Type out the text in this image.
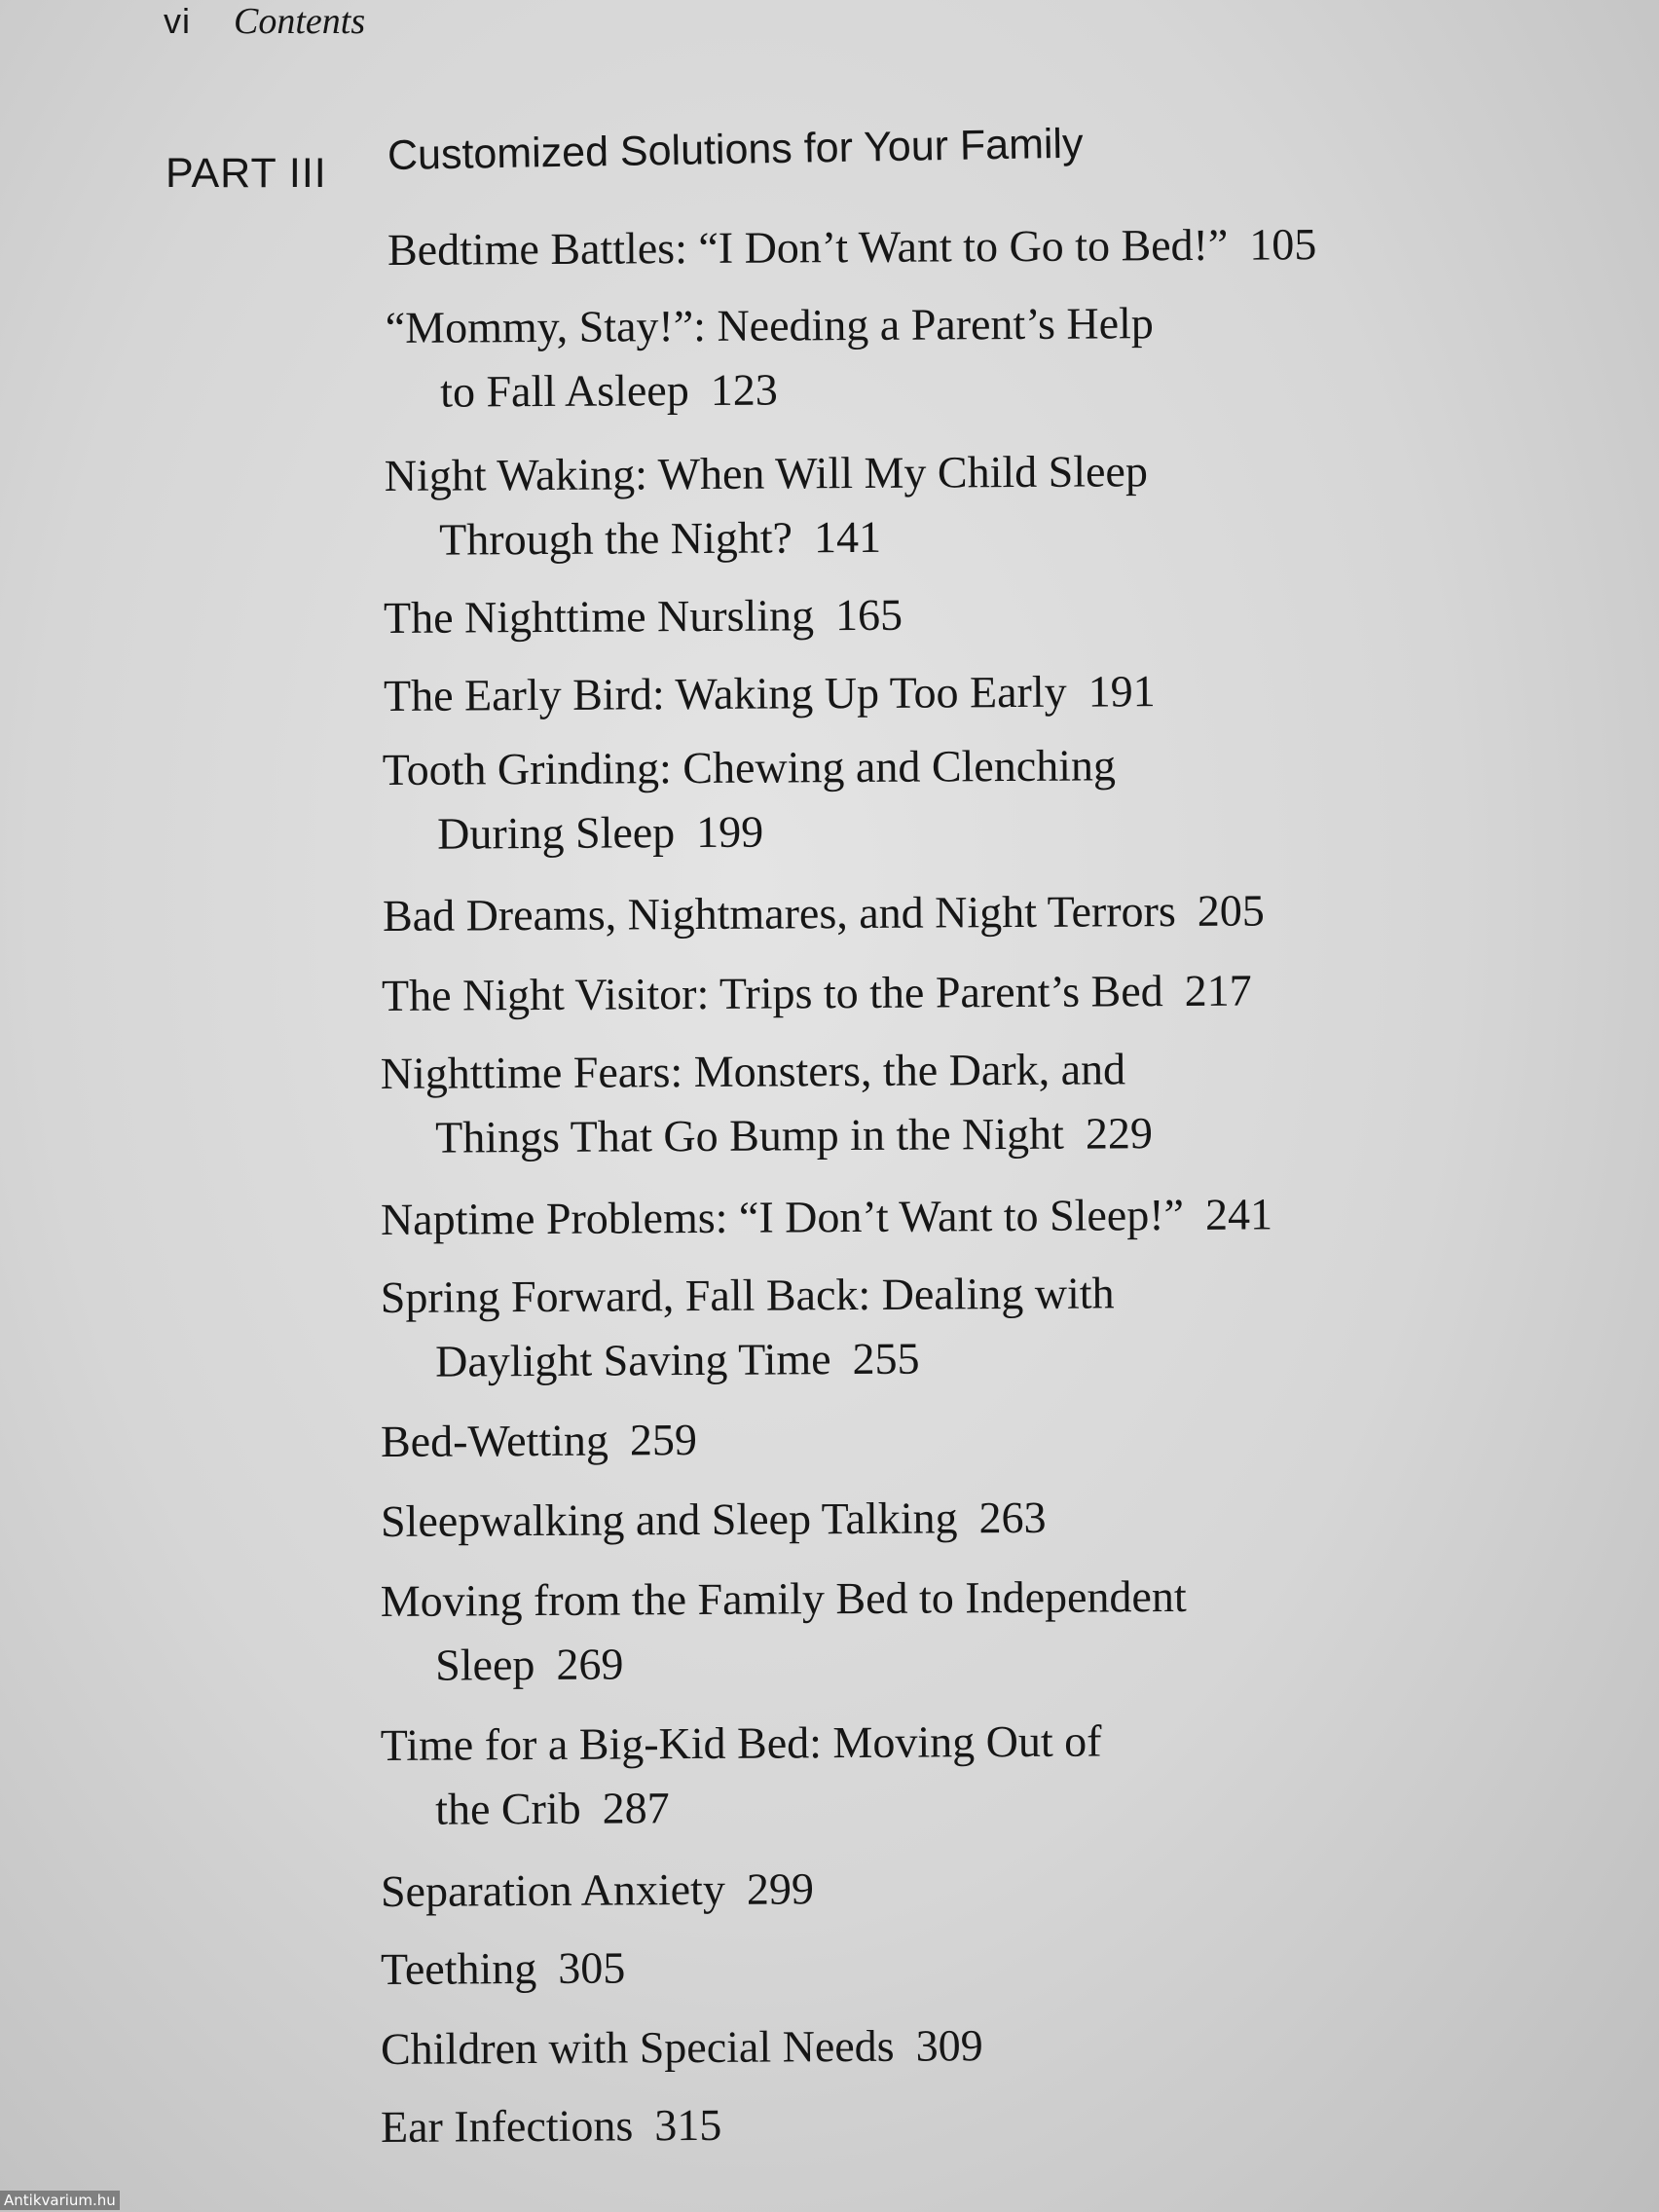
vi Contents
PART III Customized Solutions for Your Family
Bedtime Battles: “I Don’t Want to Go to Bed!” 105
“Mommy, Stay!”: Needing a Parent’s Help
to Fall Asleep 123
Night Waking: When Will My Child Sleep
Through the Night? 141
The Nighttime Nursling 165
The Early Bird: Waking Up Too Early 191
Tooth Grinding: Chewing and Clenching
During Sleep 199
Bad Dreams, Nightmares, and Night Terrors 205
The Night Visitor: Trips to the Parent’s Bed 217
Nighttime Fears: Monsters, the Dark, and
Things That Go Bump in the Night 229
Naptime Problems: “I Don’t Want to Sleep!” 241
Spring Forward, Fall Back: Dealing with
Daylight Saving Time 255
Bed-Wetting 259
Sleepwalking and Sleep Talking 263
Moving from the Family Bed to Independent
Sleep 269
Time for a Big-Kid Bed: Moving Out of
the Crib 287
Separation Anxiety 299
Teething 305
Children with Special Needs 309
Ear Infections 315
Antikvarium.hu
